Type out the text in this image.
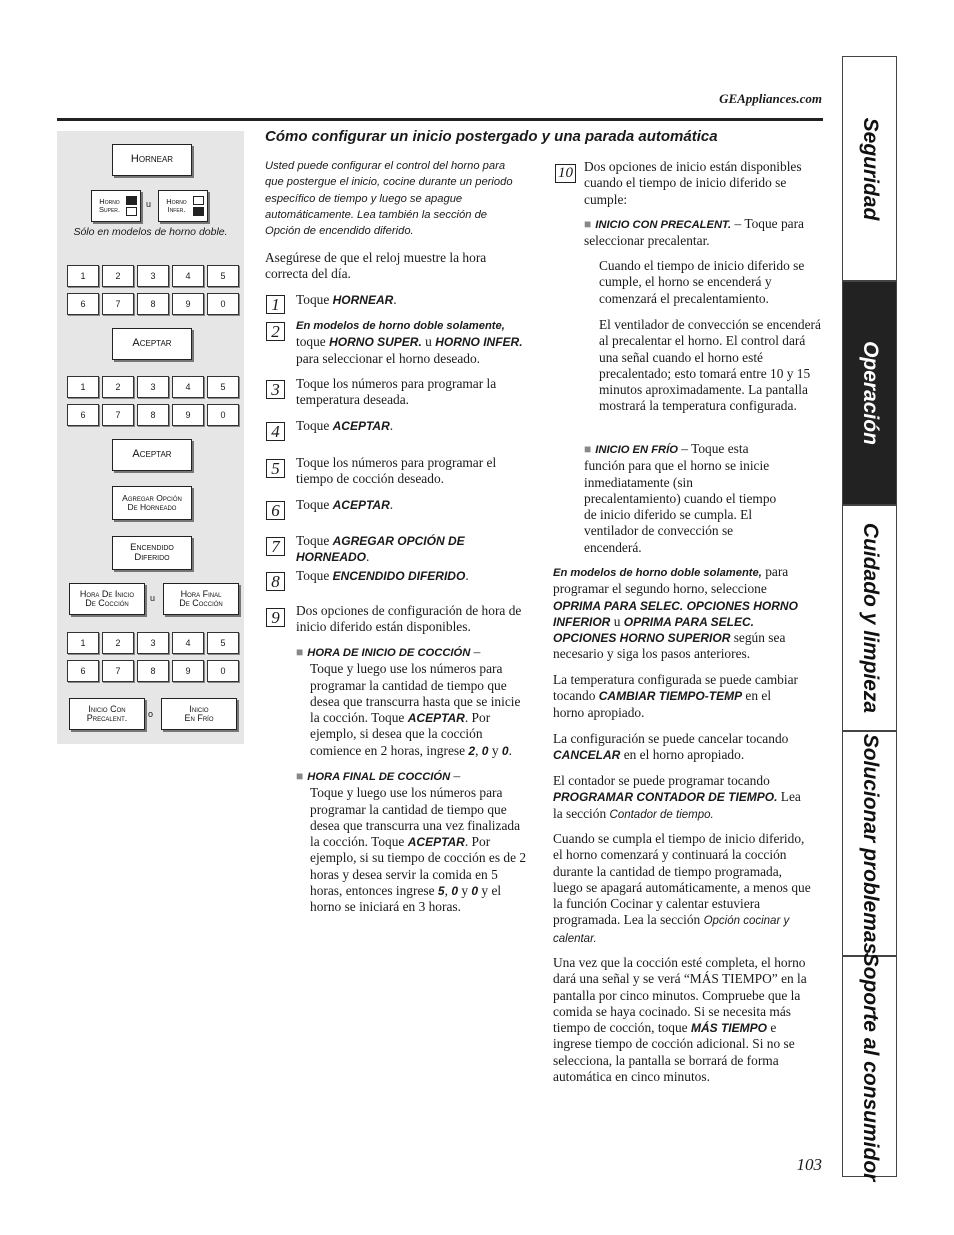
GEAppliances.com
Hornear
Horno Super.
u	Horno Infer.
Sólo en modelos de horno doble.
1	2	3	4	5
6	7	8	9	0
Aceptar
1	2	3	4	5
6	7	8	9	0
Aceptar
Agregar Opción
De Horneado
Encendido
Diferido
Hora De Inicio
De Cocción u	Hora Final
De Cocción
1	2	3	4	5
6	7	8	9	0
Inicio Con
Precalent. o
Inicio
En Frío
Cómo configurar un inicio postergado y una parada automática
Usted puede configurar el control del horno para que postergue el inicio, cocine durante un periodo específico de tiempo y luego se apague automáticamente. Lea también la sección de Opción de encendido diferido.
Asegúrese de que el reloj muestre la hora correcta del día.
1	Toque HORNEAR.
2	En modelos de horno doble solamente,
toque HORNO SUPER. u HORNO INFER.
para seleccionar el horno deseado.
3	Toque los números para programar la temperatura deseada.
4	Toque ACEPTAR.
5	Toque los números para programar el tiempo de cocción deseado.
6	Toque ACEPTAR.
7	Toque AGREGAR OPCIÓN DE HORNEADO.
8	Toque ENCENDIDO DIFERIDO.
9	Dos opciones de configuración de hora de inicio diferido están disponibles.
■ HORA DE INICIO DE COCCIÓN –
Toque y luego use los números para programar la cantidad de tiempo que desea que transcurra hasta que se inicie la cocción. Toque ACEPTAR. Por ejemplo, si desea que la cocción comience en 2 horas, ingrese 2, 0 y 0.
■ HORA FINAL DE COCCIÓN –
Toque y luego use los números para programar la cantidad de tiempo que desea que transcurra una vez finalizada la cocción. Toque ACEPTAR. Por ejemplo, si su tiempo de cocción es de 2 horas y desea servir la comida en 5 horas, entonces ingrese 5, 0 y 0 y el horno se iniciará en 3 horas.
10 Dos opciones de inicio están disponibles cuando el tiempo de inicio diferido se cumple:
■ INICIO CON PRECALENT. – Toque para seleccionar precalentar.
Cuando el tiempo de inicio diferido se cumple, el horno se encenderá y comenzará el precalentamiento.
El ventilador de convección se encenderá al precalentar el horno. El control dará una señal cuando el horno esté precalentado; esto tomará entre 10 y 15 minutos aproximadamente. La pantalla mostrará la temperatura configurada.
■ INICIO EN FRÍO – Toque esta función para que el horno se inicie inmediatamente (sin precalentamiento) cuando el tiempo de inicio diferido se cumpla. El ventilador de convección se encenderá.
En modelos de horno doble solamente, para programar el segundo horno, seleccione OPRIMA PARA SELEC. OPCIONES HORNO INFERIOR u OPRIMA PARA SELEC. OPCIONES HORNO SUPERIOR según sea necesario y siga los pasos anteriores.
La temperatura configurada se puede cambiar tocando CAMBIAR TIEMPO-TEMP en el horno apropiado.
La configuración se puede cancelar tocando CANCELAR en el horno apropiado.
El contador se puede programar tocando PROGRAMAR CONTADOR DE TIEMPO. Lea la sección Contador de tiempo.
Cuando se cumpla el tiempo de inicio diferido, el horno comenzará y continuará la cocción durante la cantidad de tiempo programada, luego se apagará automáticamente, a menos que la función Cocinar y calentar estuviera programada. Lea la sección Opción cocinar y calentar.
Una vez que la cocción esté completa, el horno dará una señal y se verá “MÁS TIEMPO” en la pantalla por cinco minutos. Compruebe que la comida se haya cocinado. Si se necesita más tiempo de cocción, toque MÁS TIEMPO e ingrese tiempo de cocción adicional. Si no se selecciona, la pantalla se borrará de forma automática en cinco minutos.
103
Seguridad
Operación
Cuidado y limpieza
Solucionar problemas
Soporte al consumidor
